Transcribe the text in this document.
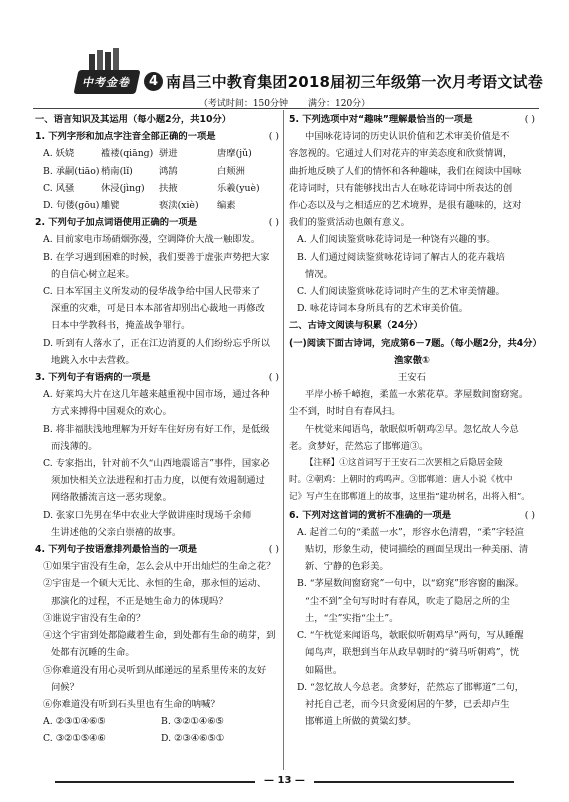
中考金卷	4 南昌三中教育集团2018届初三年级第一次月考语文试卷
（考试时间：150分钟 满分：120分）
一、语言知识及其运用（每小题2分，共10分）
1. 下列字形和加点字注音全部正确的一项是	( )
A. 妖娆	褴褛(qiāng) 骈进	唐摩(jǔ)
B. 承嗣(tiāo) 梢南(lǐ)	鸿鹄	白颊洲
C. 风骚	休浸(jìng)	扶掖	乐羲(yuè)
D. 句偻(gōu) 雕甓	亵渎(xiè)	编素
2. 下列句子加点词语使用正确的一项是	( )
A. 目前家电市场硝烟弥漫，空调降价大战一触即发。
B. 在学习遇到困难的时候，我们要善于虚张声势把大家
的自信心树立起来。
C. 日本军国主义所发动的侵华战争给中国人民带来了
深重的灾难，可是日本本部省却别出心裁地一再修改
日本中学教科书，掩盖战争罪行。
D. 听到有人落水了，正在江边消夏的人们纷纷忘乎所以
地跳入水中去营救。
3. 下列句子有语病的一项是	( )
A. 好莱坞大片在这几年越来越重视中国市场，通过各种
方式来搏得中国观众的欢心。
B. 将非福肤浅地理解为开好车住好房有好工作，是低级
而浅薄的。
C. 专家指出，针对前不久“山西地震谣言”事件，国家必
须加快相关立法进程和打击力度，以便有效遏制通过
网络散播流言这一恶劣现象。
D. 张家口先男在华中农业大学做讲座时现场千余师
生讲述他的父亲白崇禧的故事。
4. 下列句子按语意排列最恰当的一项是	( )
①如果宇宙没有生命，怎么会从中开出灿烂的生命之花？
②宇宙是一个硕大无比、永恒的生命，那永恒的运动、
那演化的过程，不正是她生命力的体现吗？
③谁说宇宙没有生命的？
④这个宇宙到处都隐藏着生命，到处都有生命的萌芽，到
处都有沉睡的生命。
⑤你难道没有用心灵听到从邮递远的星系里传来的友好
问候？
⑥你难道没有听到石头里也有生命的呐喊？
A. ②③①④⑥⑤	B. ③②①④⑥⑤
C. ③②①⑤④⑥	D. ②③④⑥⑤①
5. 下列选项中对“趣味”理解最恰当的一项是	( )
中国咏花诗词的历史认识价值和艺术审美价值是不
容忽视的。它通过人们对花卉的审美态度和欣赏情调，
曲折地反映了人们的情怀和各种趣味，我们在阅读中国咏
花诗词时，只有能够找出古人在咏花诗词中所表达的创
作心态以及与之相适应的艺术境界，是很有趣味的，这对
我们的鉴赏活动也颇有意义。
A. 人们阅读鉴赏咏花诗词是一种饶有兴趣的事。
B. 人们通过阅读鉴赏咏花诗词了解古人的花卉栽培
情况。
C. 人们阅读鉴赏咏花诗词时产生的艺术审美情趣。
D. 咏花诗词本身所具有的艺术审美价值。
二、古诗文阅读与积累（24分）
(一)阅读下面古诗词，完成第6－7题。（每小题2分，共4分）
渔家傲①
王安石
平岸小桥千嶂抱，柔蓝一水萦花草。茅屋数间窗窈窕。
尘不到，时时自有春风扫。
午枕觉来闻语鸟，欹眠似听朝鸡②早。忽忆故人今总
老。贪梦好，茫然忘了邯郸道③。
【注释】①这首词写于王安石二次罢相之后隐居金陵
时。②朝鸡：上朝时的鸡鸣声。③邯郸道：唐人小说《枕中
记》写卢生在邯郸道上的故事，这里指“建功树名，出将入相”。
6. 下列对这首词的赏析不准确的一项是	( )
A. 起首二句的“柔蓝一水”，形容水色清碧，“柔”字轻渲
贴切，形象生动，使词描绘的画面呈现出一种美丽、清
新、宁静的色彩美。
B. “茅屋数间窗窈窕”一句中，以“窈窕”形容窗的幽深。
“尘不到”全句写时时有春风，吹走了隐居之所的尘
土，“尘”实指“尘土”。
C. “午枕觉来闻语鸟，欹眠似听朝鸡早”两句，写从睡醒
闻鸟声，联想到当年从政早朝时的“骑马听朝鸡”，恍
如隔世。
D. “忽忆故人今总老。贪梦好，茫然忘了邯郸道”二句，
衬托自己老，而今只贪爱闲居的午梦，已丢却卢生
邯郸道上所做的黄粱幻梦。
— 13 —
